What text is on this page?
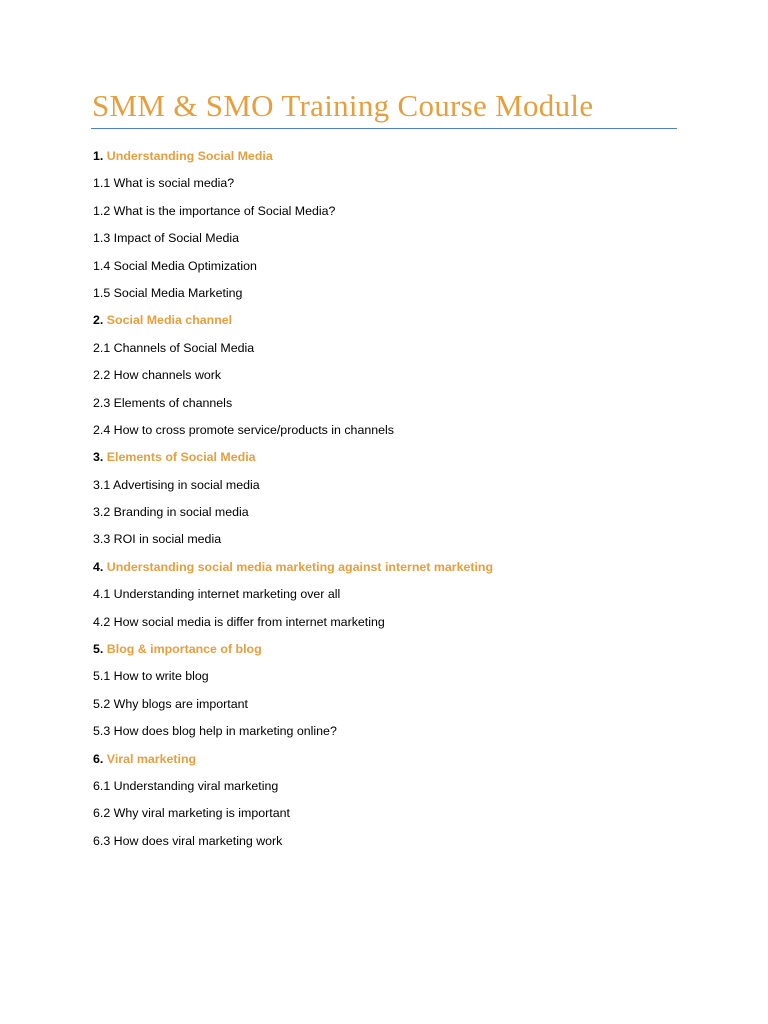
SMM & SMO Training Course Module
1. Understanding Social Media
1.1 What is social media?
1.2 What is the importance of Social Media?
1.3 Impact of Social Media
1.4 Social Media Optimization
1.5 Social Media Marketing
2. Social Media channel
2.1 Channels of Social Media
2.2 How channels work
2.3 Elements of channels
2.4 How to cross promote service/products in channels
3. Elements of Social Media
3.1 Advertising in social media
3.2 Branding in social media
3.3 ROI in social media
4. Understanding social media marketing against internet marketing
4.1 Understanding internet marketing over all
4.2 How social media is differ from internet marketing
5. Blog & importance of blog
5.1 How to write blog
5.2 Why blogs are important
5.3 How does blog help in marketing online?
6. Viral marketing
6.1 Understanding viral marketing
6.2 Why viral marketing is important
6.3 How does viral marketing work
